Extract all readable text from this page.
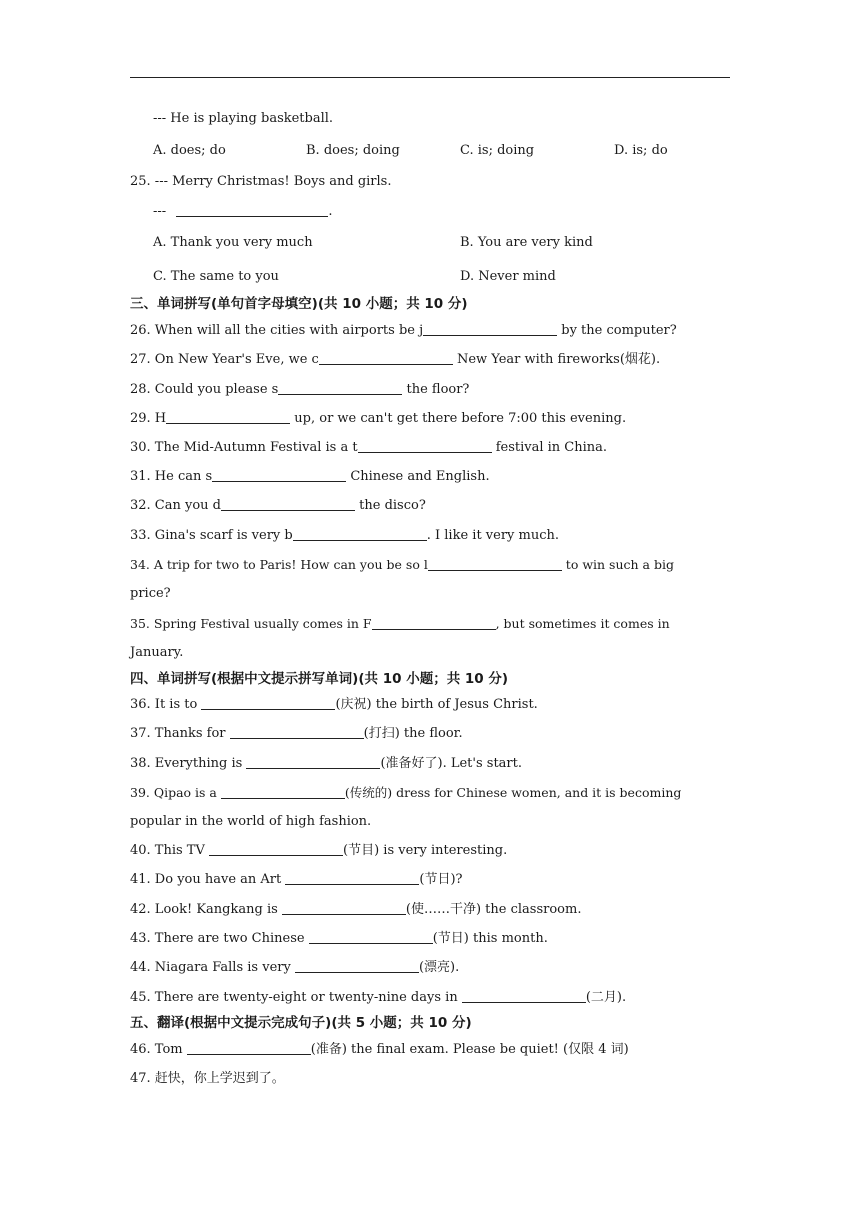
--- He is playing basketball.
A. does; do	B. does; doing	C. is; doing	D. is; do
25. --- Merry Christmas! Boys and girls.
---	.
A. Thank you very much	B. You are very kind
C. The same to you	D. Never mind
三、单词拼写(单句首字母填空)(共 10 小题；共 10 分)
26. When will all the cities with airports be j	by the computer?
27. On New Year's Eve, we c	New Year with fireworks(烟花).
28. Could you please s	the floor?
29. H	up, or we can't get there before 7:00 this evening.
30. The Mid-Autumn Festival is a t	festival in China.
31. He can s	Chinese and English.
32. Can you d	the disco?
33. Gina's scarf is very b	. I like it very much.
34. A trip for two to Paris! How can you be so l	to win such a big
price?
35. Spring Festival usually comes in F	, but sometimes it comes in
January.
四、单词拼写(根据中文提示拼写单词)(共 10 小题；共 10 分)
36. It is to	(庆祝) the birth of Jesus Christ.
37. Thanks for	(打扫) the floor.
38. Everything is	(准备好了). Let's start.
39. Qipao is a	(传统的) dress for Chinese women, and it is becoming
popular in the world of high fashion.
40. This TV	(节目) is very interesting.
41. Do you have an Art	(节日)?
42. Look! Kangkang is	(使……干净) the classroom.
43. There are two Chinese	(节日) this month.
44. Niagara Falls is very	(漂亮).
45. There are twenty-eight or twenty-nine days in	(二月).
五、翻译(根据中文提示完成句子)(共 5 小题；共 10 分)
46. Tom	(准备) the final exam. Please be quiet! (仅限 4 词)
47. 赶快，你上学迟到了。
